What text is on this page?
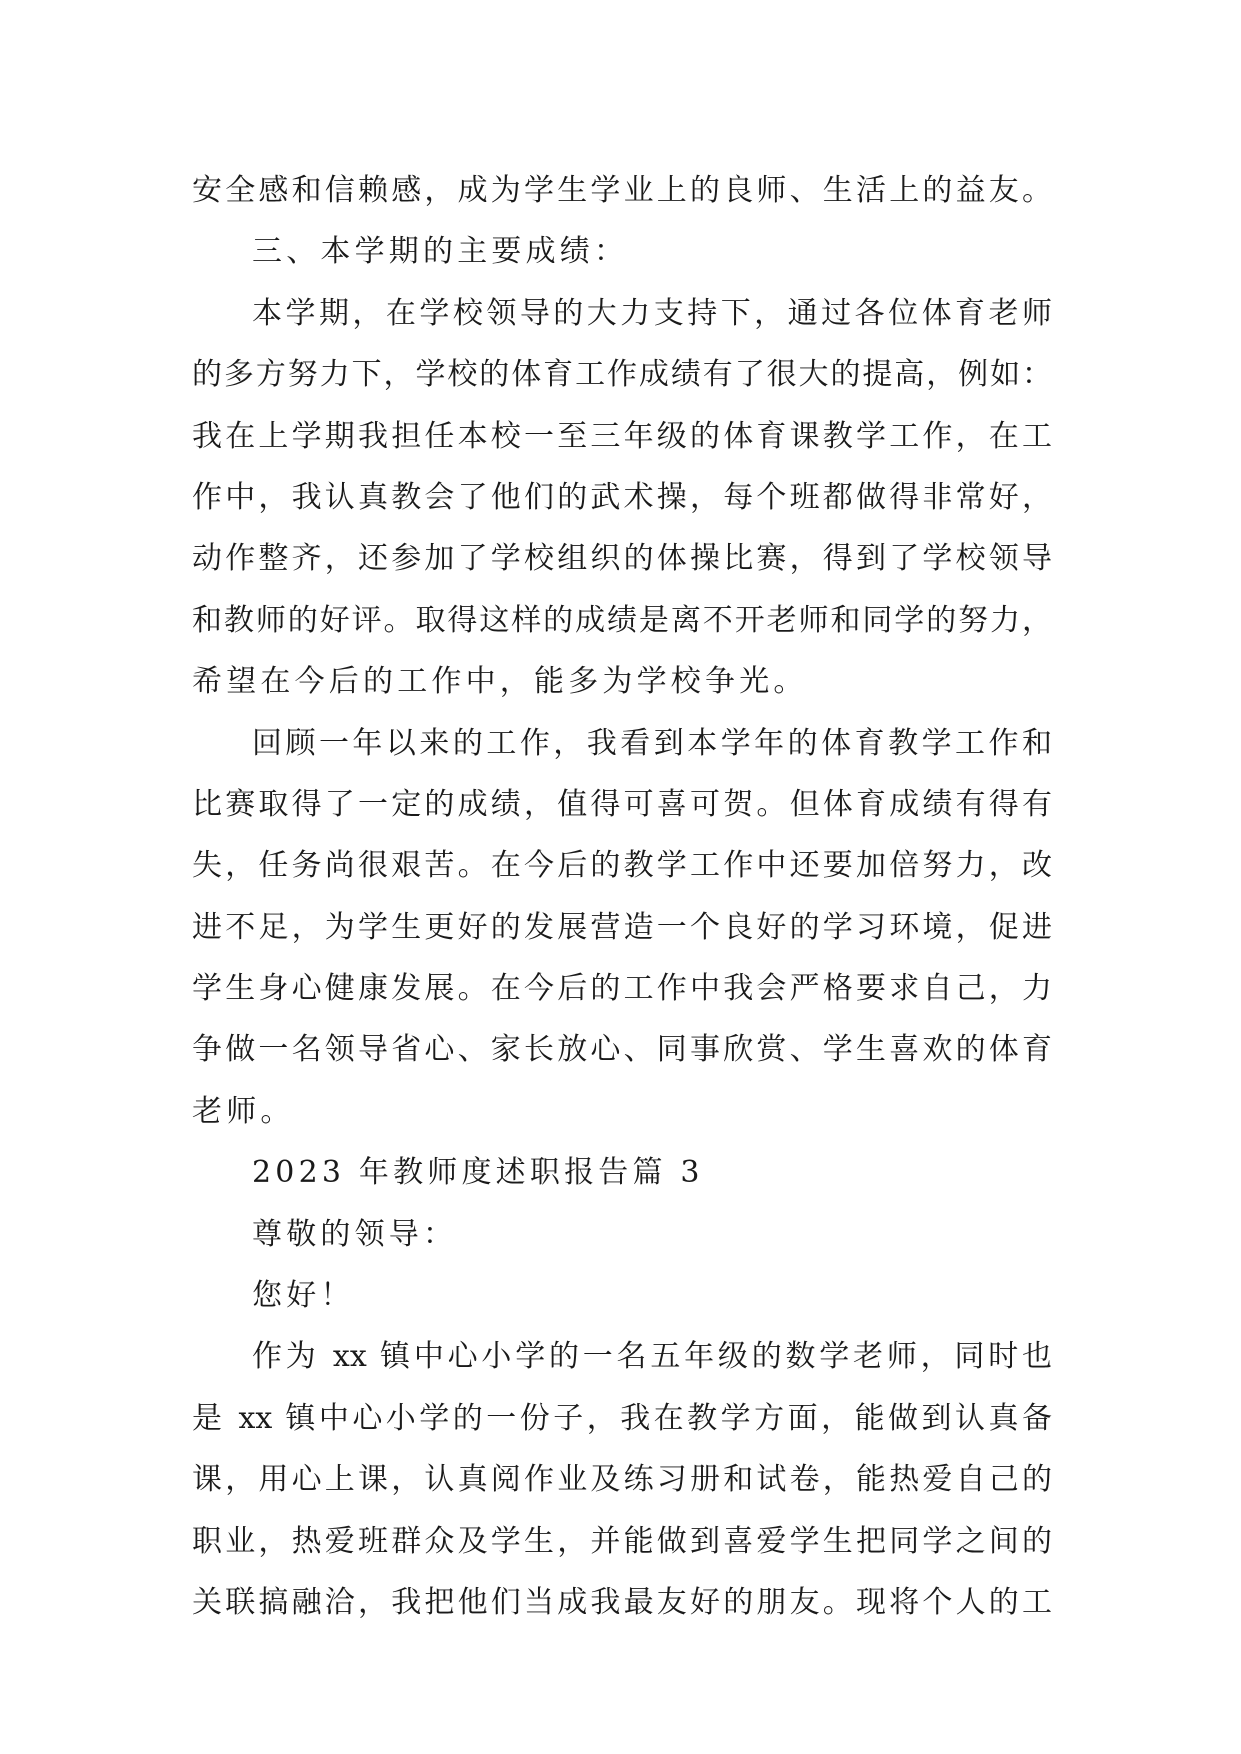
安全感和信赖感，成为学生学业上的良师、生活上的益友。
三、本学期的主要成绩：
本学期，在学校领导的大力支持下，通过各位体育老师
的多方努力下，学校的体育工作成绩有了很大的提高，例如：
我在上学期我担任本校一至三年级的体育课教学工作，在工
作中，我认真教会了他们的武术操，每个班都做得非常好，
动作整齐，还参加了学校组织的体操比赛，得到了学校领导
和教师的好评。取得这样的成绩是离不开老师和同学的努力，
希望在今后的工作中，能多为学校争光。
回顾一年以来的工作，我看到本学年的体育教学工作和
比赛取得了一定的成绩，值得可喜可贺。但体育成绩有得有
失，任务尚很艰苦。在今后的教学工作中还要加倍努力，改
进不足，为学生更好的发展营造一个良好的学习环境，促进
学生身心健康发展。在今后的工作中我会严格要求自己，力
争做一名领导省心、家长放心、同事欣赏、学生喜欢的体育
老师。
2023 年教师度述职报告篇 3
尊敬的领导：
您好！
作为 xx 镇中心小学的一名五年级的数学老师，同时也
是 xx 镇中心小学的一份子，我在教学方面，能做到认真备
课，用心上课，认真阅作业及练习册和试卷，能热爱自己的
职业，热爱班群众及学生，并能做到喜爱学生把同学之间的
关联搞融洽，我把他们当成我最友好的朋友。现将个人的工
